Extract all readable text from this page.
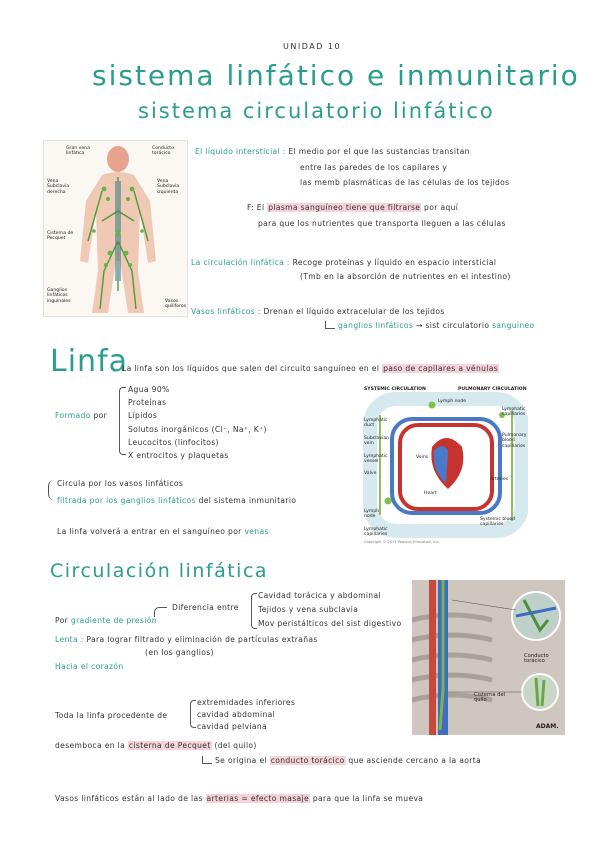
UNIDAD 10
sistema linfático e inmunitario
sistema circulatorio linfático
Gran vena linfática
Vena Subclavia derecha
Cisterna de Pecquet
Ganglios linfáticos inguinales
Conducto torácico
Vena Subclavia izquierda
Vasos quiliferos
El líquido intersticial : El medio por el que las sustancias transitan
entre las paredes de los capilares y
las memb plasmáticas de las células de los tejidos
F: El plasma sanguíneo tiene que filtrarse por aquí
para que los nutrientes que transporta lleguen a las células
La circulación linfática : Recoge proteínas y líquido en espacio intersticial
(Tmb en la absorción de nutrientes en el intestino)
Vasos linfáticos : Drenan el líquido extracelular de los tejidos
ganglios linfáticos → sist circulatorio sanguíneo
Linfa
La linfa son los líquidos que salen del circuito sanguíneo en el paso de capilares a vénulas
Formado por
Agua 90%
Proteínas
Lípidos
Solutos inorgánicos (Cl⁻, Na⁺, K⁺)
Leucocitos (linfocitos)
X entrocitos y plaquetas
Circula por los vasos linfáticos
filtrada por los ganglios linfáticos del sistema inmunitario
La linfa volverá a entrar en el sanguíneo por venas
SYSTEMIC CIRCULATION	PULMONARY CIRCULATION
Lymph node
Lymphatic duct
Subclavian vein
Lymphatic vessel
Valve
Veins
Heart
Lymph node
Lymphatic capillaries
Lymphatic capillaries
Pulmonary blood capillaries
Arteries
Systemic blood capillaries
Copyright © 2011 Pearson Education, Inc.
Circulación linfática
Por gradiente de presión
Diferencia entre
Cavidad torácica y abdominal
Tejidos y vena subclavia
Mov peristálticos del sist digestivo
Lenta : Para lograr filtrado y eliminación de partículas extrañas
(en los ganglios)
Hacia el corazón
Toda la linfa procedente de
extremidades inferiores
cavidad abdominal
cavidad pelviana
desemboca en la cisterna de Pecquet (del quilo)
Se origina el conducto torácico que asciende cercano a la aorta
Vasos linfáticos están al lado de las arterias = efecto masaje para que la linfa se mueva
Conducto torácico
Cisterna del quilo
ADAM.
